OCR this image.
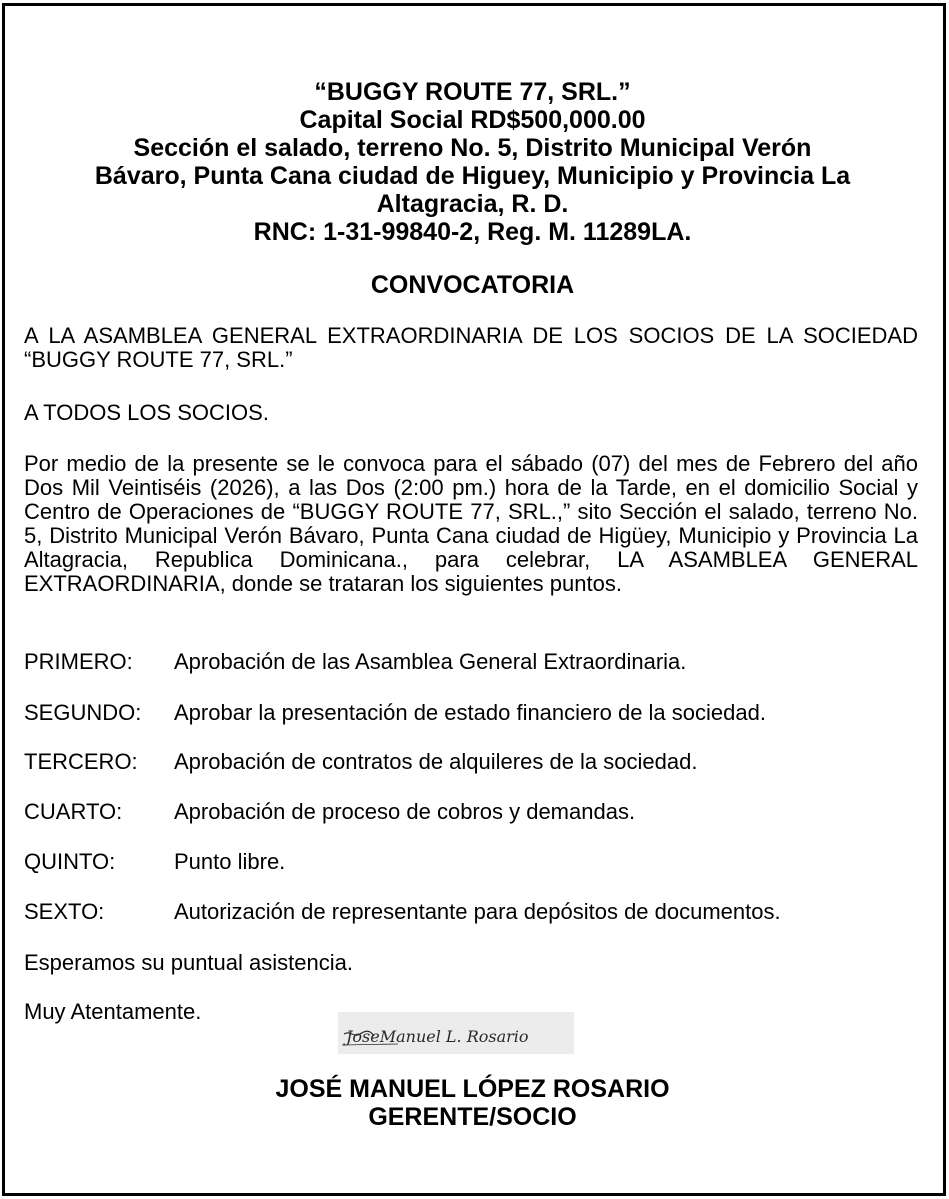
“BUGGY ROUTE 77, SRL.”
Capital Social RD$500,000.00
Sección el salado, terreno No. 5, Distrito Municipal Verón
Bávaro, Punta Cana ciudad de Higuey, Municipio y Provincia La
Altagracia, R. D.
RNC: 1-31-99840-2, Reg. M. 11289LA.
CONVOCATORIA
A LA ASAMBLEA GENERAL EXTRAORDINARIA DE LOS SOCIOS DE LA SOCIEDAD “BUGGY ROUTE 77, SRL.”
A TODOS LOS SOCIOS.
Por medio de la presente se le convoca para el sábado (07) del mes de Febrero del año Dos Mil Veintiséis (2026), a las Dos (2:00 pm.) hora de la Tarde, en el domicilio Social y Centro de Operaciones de “BUGGY ROUTE 77, SRL.,” sito Sección el salado, terreno No. 5, Distrito Municipal Verón Bávaro, Punta Cana ciudad de Higüey, Municipio y Provincia La Altagracia, Republica Dominicana., para celebrar, LA ASAMBLEA GENERAL EXTRAORDINARIA, donde se trataran los siguientes puntos.
PRIMERO: Aprobación de las Asamblea General Extraordinaria.
SEGUNDO: Aprobar la presentación de estado financiero de la sociedad.
TERCERO: Aprobación de contratos de alquileres de la sociedad.
CUARTO: Aprobación de proceso de cobros y demandas.
QUINTO:	Punto libre.
SEXTO:	Autorización de representante para depósitos de documentos.
Esperamos su puntual asistencia.
Muy Atentamente.
JoseManuel L. Rosario
JOSÉ MANUEL LÓPEZ ROSARIO
GERENTE/SOCIO
